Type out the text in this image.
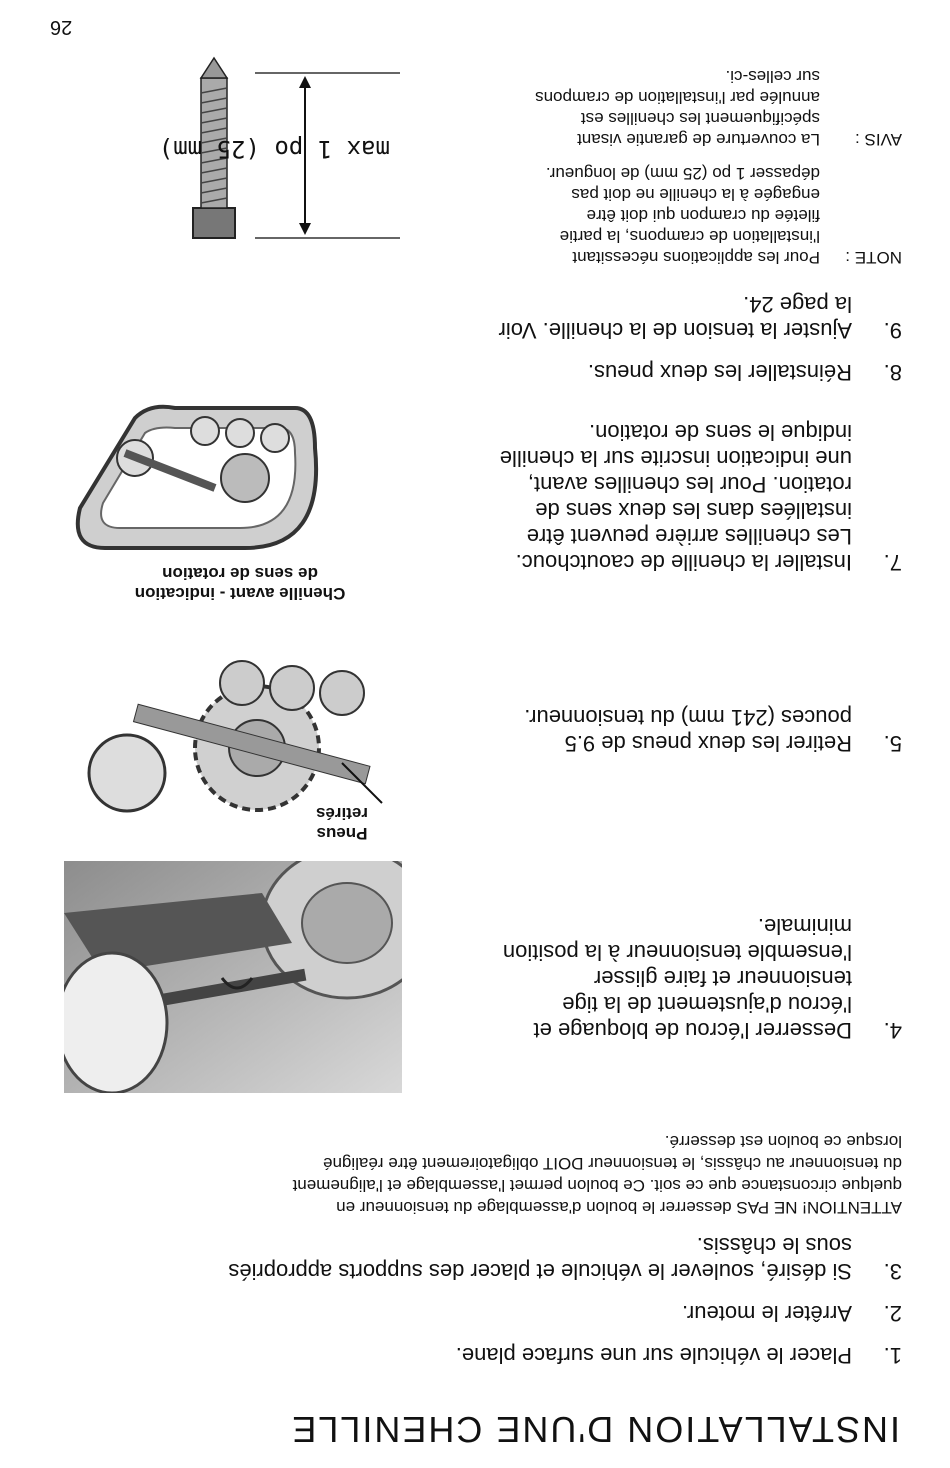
INSTALLATION D'UNE CHENILLE
1.
Placer le véhicule sur une surface plane.
2.
Arrêter le moteur.
3.
Si désiré, soulever le véhicule et placer des supports appropriés
sous le châssis.
ATTENTION! NE PAS desserrer le boulon d'assemblage du tensionneur en
quelque circonstance que ce soit. Ce boulon permet l'assemblage et l'alignement
du tensionneur au châssis, le tensionneur DOIT obligatoirement être réaligné
lorsque ce boulon est desserré.
4.
Desserrer l'écrou de bloquage et
l'écrou d'ajustement de la tige
tensionneur et faire glisser
l'ensemble tensionneur à la position
minimale.
5.
Retirer les deux pneus de 9.5
pouces (241 mm) du tensionneur.
Pneus
retirés
7.
Installer la chenille de caoutchouc.
Les chenilles arrière peuvent être
installées dans les deux sens de
rotation. Pour les chenilles avant,
une indication inscrite sur la chenille
indique le sens de rotation.
Chenille avant - indication
de sens de rotation
8.
Réinstaller les deux pneus.
9.
Ajuster la tension de la chenille. Voir
la page 24.
NOTE :
Pour les applications nécessitant
l'installation de crampons, la partie
filetée du crampon qui doit être
engagée à la chenille ne doit pas
dépasser 1 po (25 mm) de longueur.
AVIS :
La couverture de garantie visant
spécifiquement les chenilles est
annulée par l'installation de crampons
sur celles-ci.
max 1 po (25 mm)
26
